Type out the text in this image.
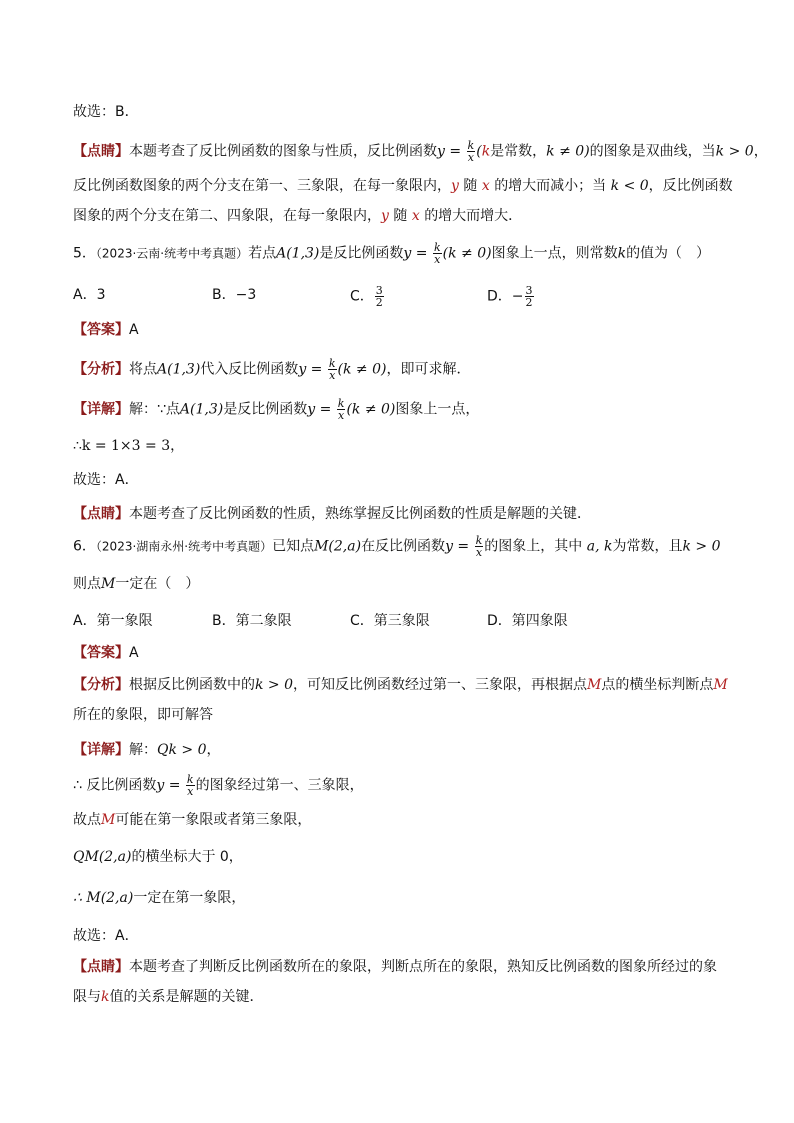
故选：B．
【点睛】本题考查了反比例函数的图象与性质，反比例函数$y = \frac{k}{x} (k$是常数，k ≠ 0)的图象是双曲线，当k > 0，
反比例函数图象的两个分支在第一、三象限，在每一象限内，y 随 x 的增大而减小；当 k < 0，反比例函数
图象的两个分支在第二、四象限，在每一象限内，y 随 x 的增大而增大．
5．（2023·云南·统考中考真题）若点A(1,3)是反比例函数$y = \frac{k}{x} (k \ne 0)$图象上一点，则常数k的值为（　）
A．3	B．−3	C． $\frac{3}{2}$	D．− $\frac{3}{2}$
【答案】A
【分析】将点A(1,3)代入反比例函数$y = \frac{k}{x} (k \ne 0)$，即可求解．
【详解】解：∵点A(1,3)是反比例函数$y = \frac{k}{x} (k \ne 0)$图象上一点，
∴k = 1×3 = 3，
故选：A．
【点睛】本题考查了反比例函数的性质，熟练掌握反比例函数的性质是解题的关键．
6．（2023·湖南永州·统考中考真题）已知点M(2,a)在反比例函数$y = \frac{k}{x}$ 的图象上，其中 a, k为常数，且k > 0
则点M一定在（　）
A．第一象限	B．第二象限	C．第三象限	D．第四象限
【答案】A
【分析】根据反比例函数中的k > 0，可知反比例函数经过第一、三象限，再根据点M点的横坐标判断点M
所在的象限，即可解答
【详解】解：Qk > 0，
∴ 反比例函数$y = \frac{k}{x}$ 的图象经过第一、三象限，
故点M可能在第一象限或者第三象限，
QM(2,a)的横坐标大于 0，
∴ M(2,a)一定在第一象限，
故选：A．
【点睛】本题考查了判断反比例函数所在的象限，判断点所在的象限，熟知反比例函数的图象所经过的象
限与k值的关系是解题的关键．
